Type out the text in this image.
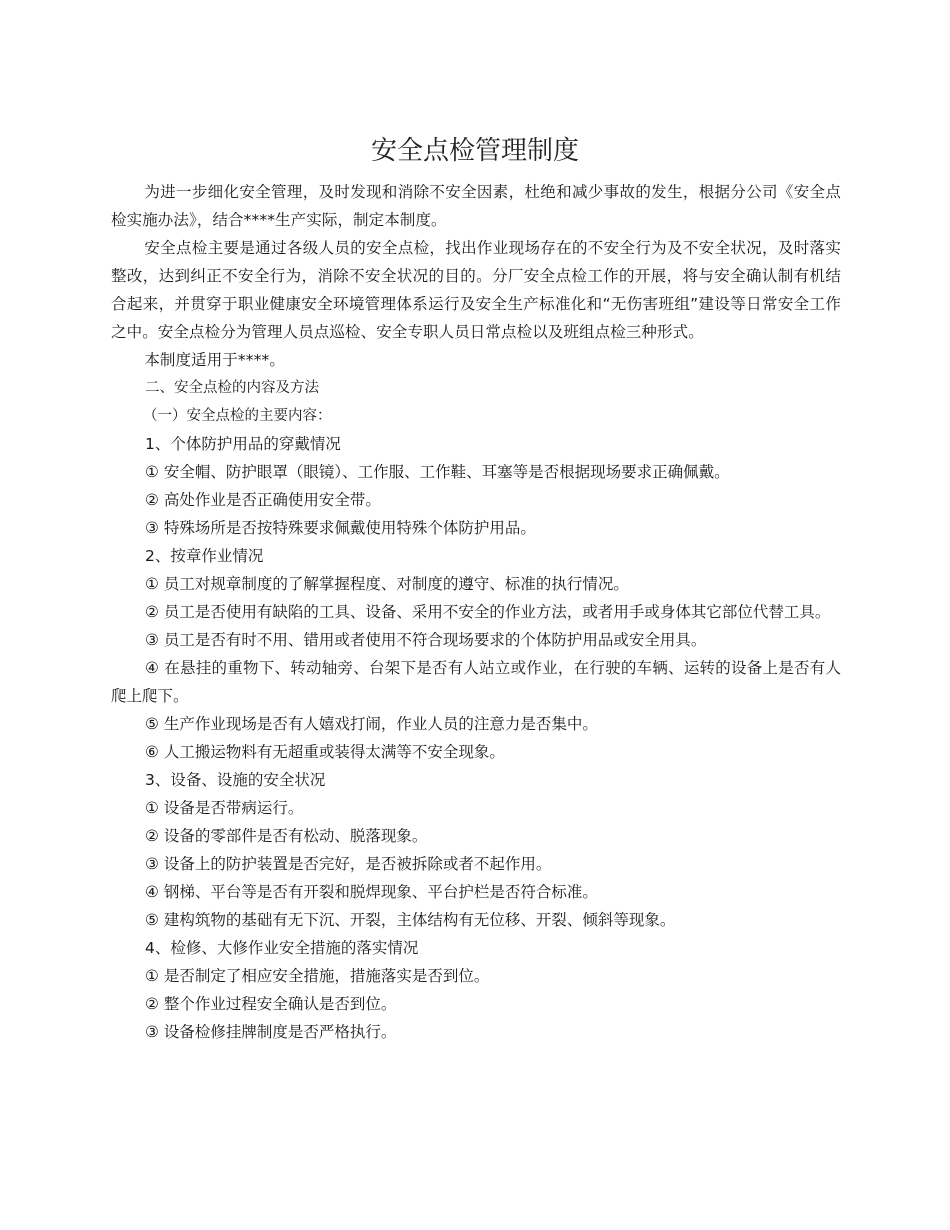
安全点检管理制度

为进一步细化安全管理，及时发现和消除不安全因素，杜绝和减少事故的发生，根据分公司《安全点检实施办法》，结合****生产实际，制定本制度。

安全点检主要是通过各级人员的安全点检，找出作业现场存在的不安全行为及不安全状况，及时落实整改，达到纠正不安全行为，消除不安全状况的目的。分厂安全点检工作的开展，将与安全确认制有机结合起来，并贯穿于职业健康安全环境管理体系运行及安全生产标准化和“无伤害班组”建设等日常安全工作之中。安全点检分为管理人员点巡检、安全专职人员日常点检以及班组点检三种形式。

本制度适用于****。

二、安全点检的内容及方法

（一）安全点检的主要内容：

1、个体防护用品的穿戴情况

① 安全帽、防护眼罩（眼镜）、工作服、工作鞋、耳塞等是否根据现场要求正确佩戴。

② 高处作业是否正确使用安全带。

③ 特殊场所是否按特殊要求佩戴使用特殊个体防护用品。

2、按章作业情况

① 员工对规章制度的了解掌握程度、对制度的遵守、标准的执行情况。

② 员工是否使用有缺陷的工具、设备、采用不安全的作业方法，或者用手或身体其它部位代替工具。

③ 员工是否有时不用、错用或者使用不符合现场要求的个体防护用品或安全用具。

④ 在悬挂的重物下、转动轴旁、台架下是否有人站立或作业，在行驶的车辆、运转的设备上是否有人爬上爬下。

⑤ 生产作业现场是否有人嬉戏打闹，作业人员的注意力是否集中。

⑥ 人工搬运物料有无超重或装得太满等不安全现象。

3、设备、设施的安全状况

① 设备是否带病运行。

② 设备的零部件是否有松动、脱落现象。

③ 设备上的防护装置是否完好，是否被拆除或者不起作用。

④ 钢梯、平台等是否有开裂和脱焊现象、平台护栏是否符合标准。

⑤ 建构筑物的基础有无下沉、开裂，主体结构有无位移、开裂、倾斜等现象。

4、检修、大修作业安全措施的落实情况

① 是否制定了相应安全措施，措施落实是否到位。

② 整个作业过程安全确认是否到位。

③ 设备检修挂牌制度是否严格执行。
